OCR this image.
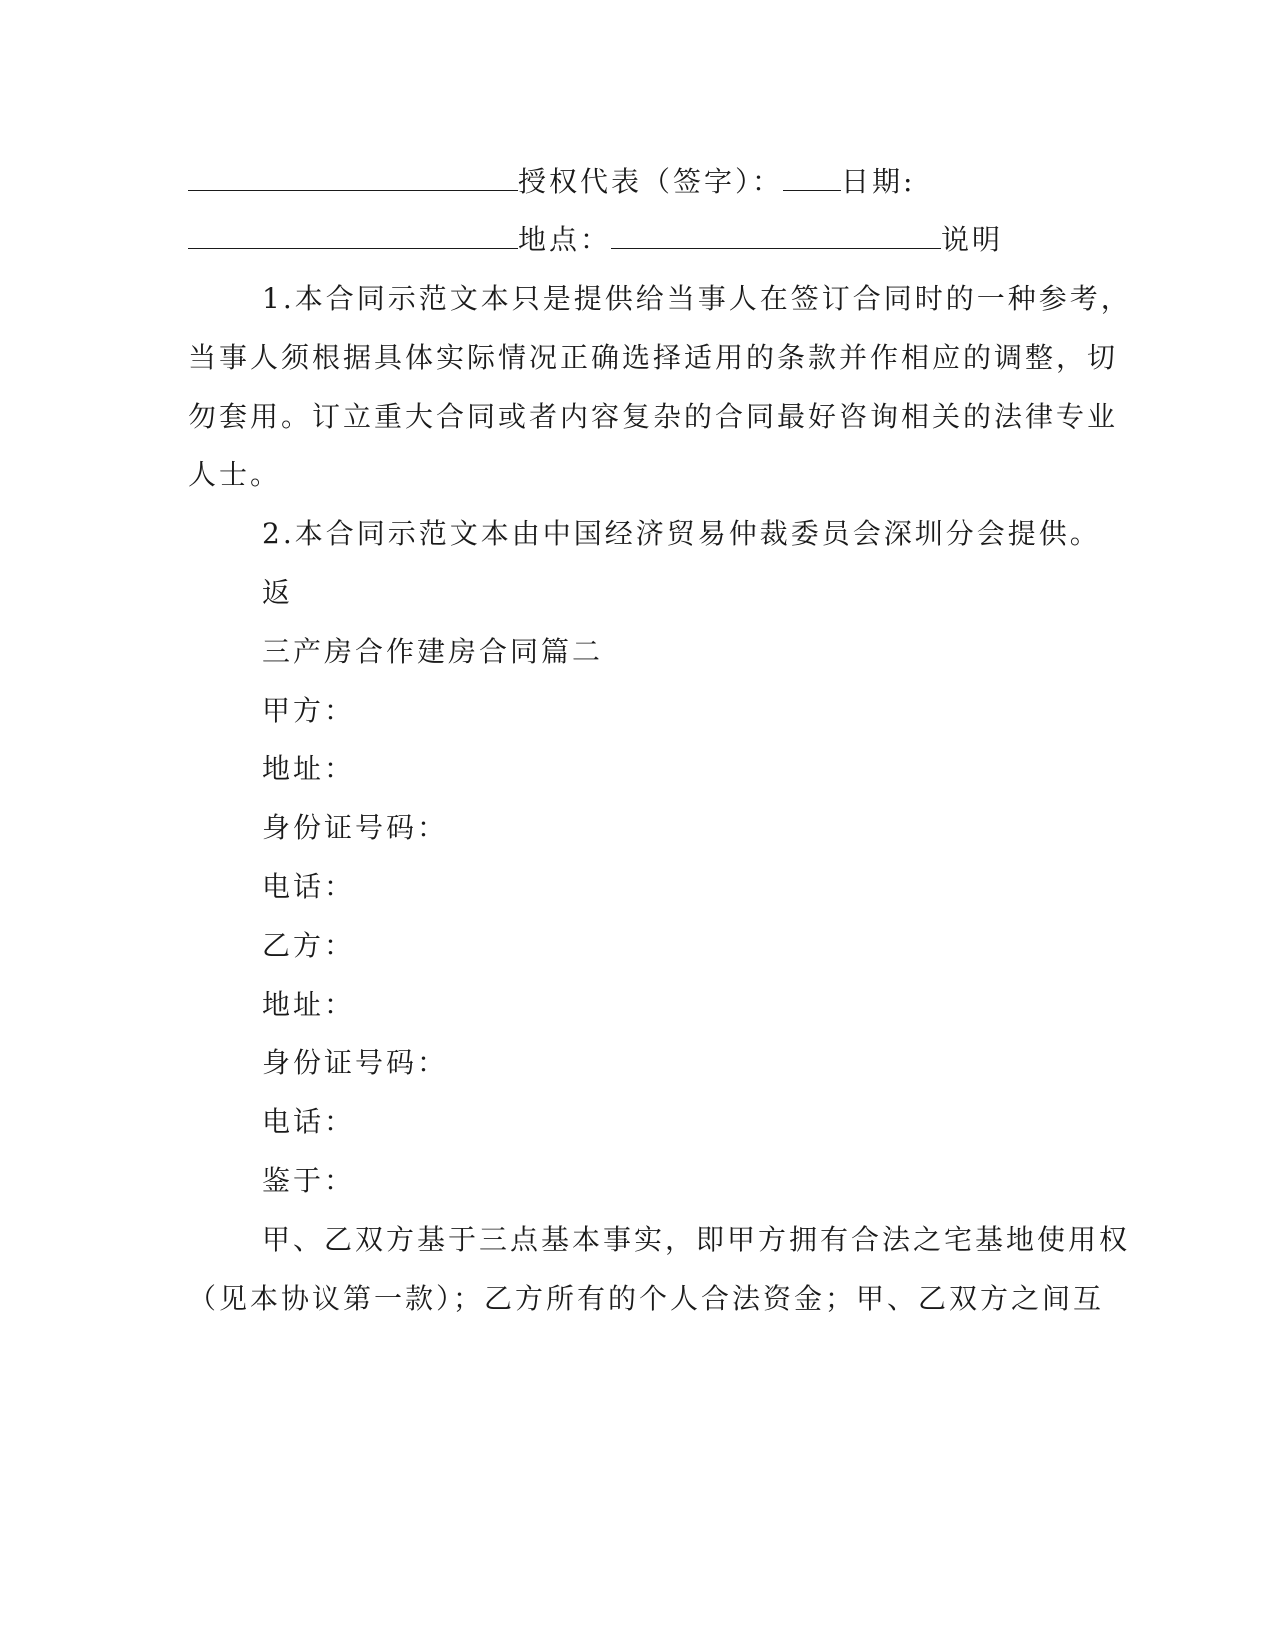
授权代表（签字）： 日期:
地点：	说明
1.本合同示范文本只是提供给当事人在签订合同时的一种参考，
当事人须根据具体实际情况正确选择适用的条款并作相应的调整，切
勿套用。订立重大合同或者内容复杂的合同最好咨询相关的法律专业
人士。
2.本合同示范文本由中国经济贸易仲裁委员会深圳分会提供。
返
三产房合作建房合同篇二
甲方：
地址：
身份证号码：
电话：
乙方：
地址：
身份证号码：
电话：
鉴于：
甲、乙双方基于三点基本事实，即甲方拥有合法之宅基地使用权
（见本协议第一款）；乙方所有的个人合法资金；甲、乙双方之间互
